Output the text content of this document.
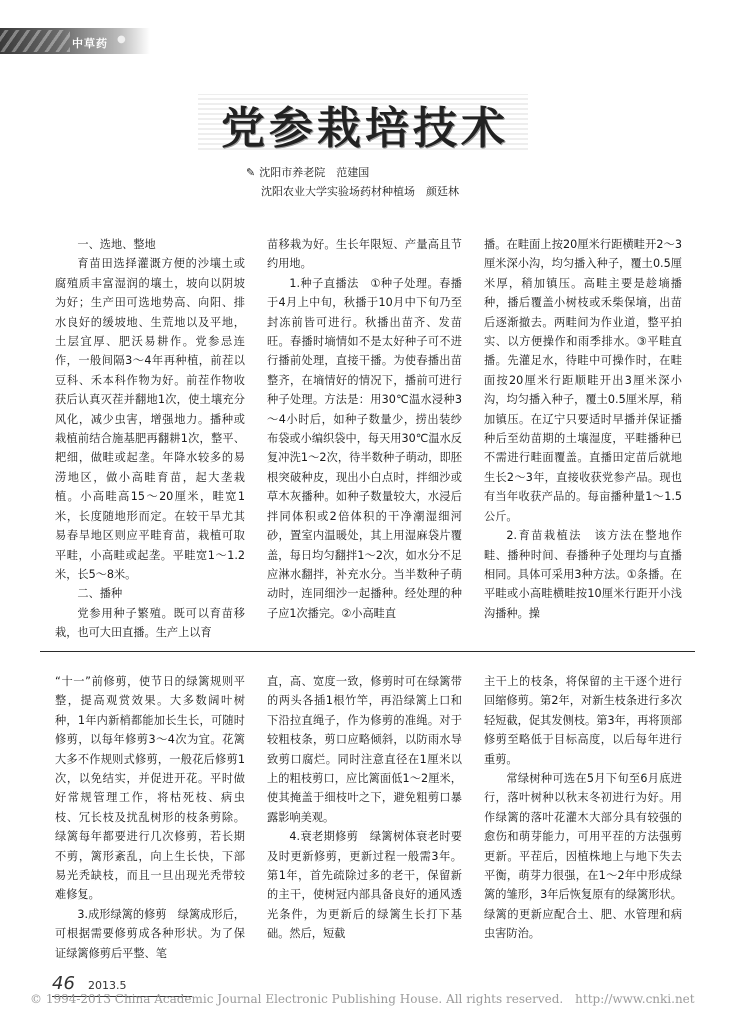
中草药 ●
党参栽培技术
✎ 沈阳市养老院　范建国
沈阳农业大学实验场药材种植场　颜廷林

一、选地、整地

育苗田选择灌溉方便的沙壤土或腐殖质丰富湿润的壤土，坡向以阴坡为好；生产田可选地势高、向阳、排水良好的缓坡地、生荒地以及平地，土层宜厚、肥沃易耕作。党参忌连作，一般间隔3～4年再种植，前茬以豆科、禾本科作物为好。前茬作物收获后认真灭茬并翻地1次，使土壤充分风化，减少虫害，增强地力。播种或栽植前结合施基肥再翻耕1次，整平、耙细，做畦或起垄。年降水较多的易涝地区，做小高畦育苗，起大垄栽植。小高畦高15～20厘米，畦宽1米，长度随地形而定。在较干旱尤其易春旱地区则应平畦育苗，栽植可取平畦，小高畦或起垄。平畦宽1～1.2米，长5～8米。

二、播种

党参用种子繁殖。既可以育苗移栽，也可大田直播。生产上以育

苗移栽为好。生长年限短、产量高且节约用地。

1.种子直播法　①种子处理。春播于4月上中旬，秋播于10月中下旬乃至封冻前皆可进行。秋播出苗齐、发苗旺。春播时墒情如不是太好种子可不进行播前处理，直接干播。为使春播出苗整齐，在墒情好的情况下，播前可进行种子处理。方法是：用30℃温水浸种3～4小时后，如种子数量少，捞出装纱布袋或小编织袋中，每天用30℃温水反复冲洗1～2次，待半数种子萌动，即胚根突破种皮，现出小白点时，拌细沙或草木灰播种。如种子数量较大，水浸后拌同体积或2倍体积的干净潮湿细河砂，置室内温暖处，其上用湿麻袋片覆盖，每日均匀翻拌1～2次，如水分不足应淋水翻拌，补充水分。当半数种子萌动时，连同细沙一起播种。经处理的种子应1次播完。②小高畦直

播。在畦面上按20厘米行距横畦开2～3厘米深小沟，均匀播入种子，覆土0.5厘米厚，稍加镇压。高畦主要是趁墒播种，播后覆盖小树枝或禾柴保墒，出苗后逐渐撤去。两畦间为作业道，整平拍实、以方便操作和雨季排水。③平畦直播。先灌足水，待畦中可操作时，在畦面按20厘米行距顺畦开出3厘米深小沟，均匀播入种子，覆土0.5厘米厚，稍加镇压。在辽宁只要适时早播并保证播种后至幼苗期的土壤湿度，平畦播种已不需进行畦面覆盖。直播田定苗后就地生长2～3年，直接收获党参产品。现也有当年收获产品的。每亩播种量1～1.5公斤。

2.育苗栽植法　该方法在整地作畦、播种时间、春播种子处理均与直播相同。具体可采用3种方法。①条播。在平畦或小高畦横畦按10厘米行距开小浅沟播种。操

“十一”前修剪，使节日的绿篱规则平整，提高观赏效果。大多数阔叶树种，1年内新梢都能加长生长，可随时修剪，以每年修剪3～4次为宜。花篱大多不作规则式修剪，一般花后修剪1次，以免结实，并促进开花。平时做好常规管理工作，将枯死枝、病虫枝、冗长枝及扰乱树形的枝条剪除。绿篱每年都要进行几次修剪，若长期不剪，篱形紊乱，向上生长快，下部易光秃缺枝，而且一旦出现光秃带较难修复。

3.成形绿篱的修剪　绿篱成形后，可根据需要修剪成各种形状。为了保证绿篱修剪后平整、笔

直，高、宽度一致，修剪时可在绿篱带的两头各插1根竹竿，再沿绿篱上口和下沿拉直绳子，作为修剪的准绳。对于较粗枝条，剪口应略倾斜，以防雨水导致剪口腐烂。同时注意直径在1厘米以上的粗枝剪口，应比篱面低1～2厘米，使其掩盖于细枝叶之下，避免粗剪口暴露影响美观。

4.衰老期修剪　绿篱树体衰老时要及时更新修剪，更新过程一般需3年。第1年，首先疏除过多的老干，保留新的主干，使树冠内部具备良好的通风透光条件，为更新后的绿篱生长打下基础。然后，短截

主干上的枝条，将保留的主干逐个进行回缩修剪。第2年，对新生枝条进行多次轻短截，促其发侧枝。第3年，再将顶部修剪至略低于目标高度，以后每年进行重剪。

常绿树种可选在5月下旬至6月底进行，落叶树种以秋末冬初进行为好。用作绿篱的落叶花灌木大部分具有较强的愈伤和萌芽能力，可用平茬的方法强剪更新。平茬后，因植株地上与地下失去平衡，萌芽力很强，在1～2年中形成绿篱的雏形，3年后恢复原有的绿篱形状。绿篱的更新应配合土、肥、水管理和病虫害防治。

46 2013.5
© 1994-2013 China Academic Journal Electronic Publishing House. All rights reserved.　http://www.cnki.net
